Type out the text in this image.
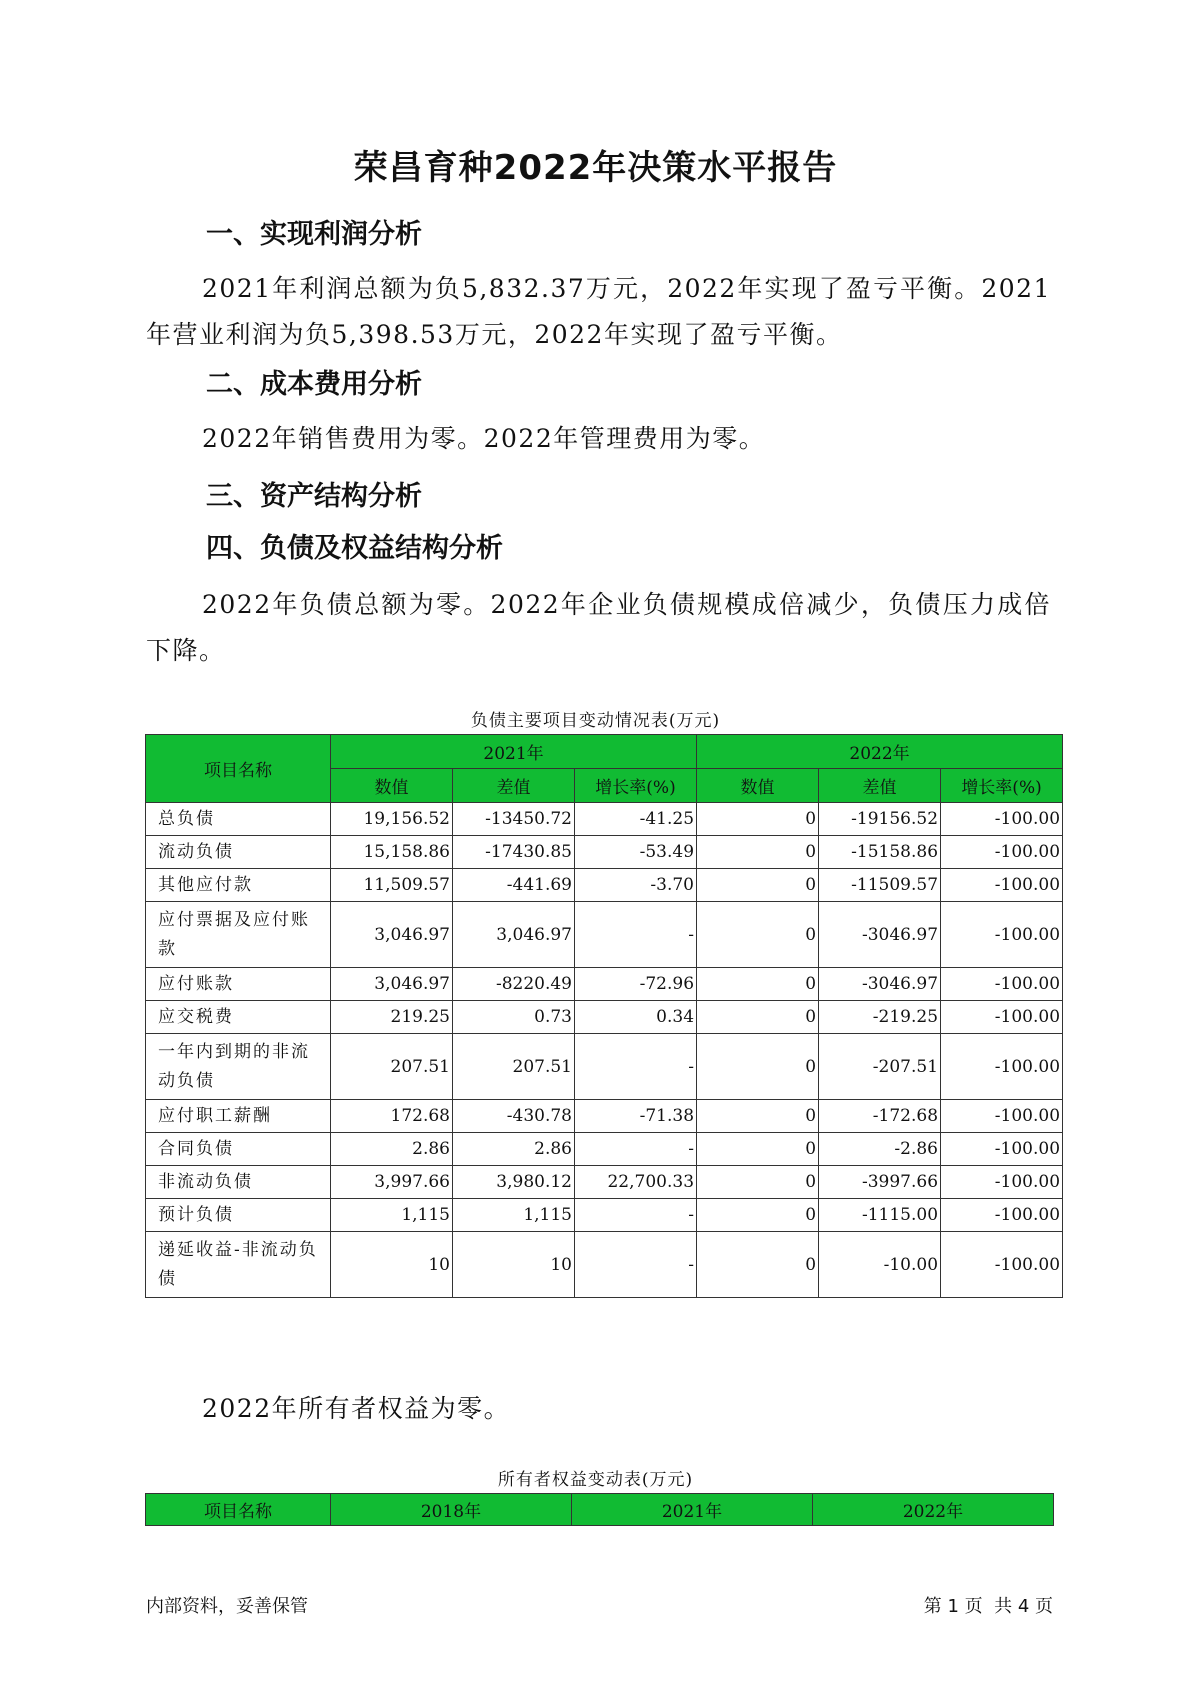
荣昌育种2022年决策水平报告
一、实现利润分析
2021年利润总额为负5,832.37万元，2022年实现了盈亏平衡。2021年营业利润为负5,398.53万元，2022年实现了盈亏平衡。
二、成本费用分析
2022年销售费用为零。2022年管理费用为零。
三、资产结构分析
四、负债及权益结构分析
2022年负债总额为零。2022年企业负债规模成倍减少，负债压力成倍下降。
负债主要项目变动情况表(万元)
项目名称	2021年			2022年		
	数值	差值	增长率(%)	数值	差值	增长率(%)
总负债	19,156.52	-13450.72	-41.25	0	-19156.52	-100.00
流动负债	15,158.86	-17430.85	-53.49	0	-15158.86	-100.00
其他应付款	11,509.57	-441.69	-3.70	0	-11509.57	-100.00
应付票据及应付账款	3,046.97	3,046.97	-	0	-3046.97	-100.00
应付账款	3,046.97	-8220.49	-72.96	0	-3046.97	-100.00
应交税费	219.25	0.73	0.34	0	-219.25	-100.00
一年内到期的非流动负债	207.51	207.51	-	0	-207.51	-100.00
应付职工薪酬	172.68	-430.78	-71.38	0	-172.68	-100.00
合同负债	2.86	2.86	-	0	-2.86	-100.00
非流动负债	3,997.66	3,980.12	22,700.33	0	-3997.66	-100.00
预计负债	1,115	1,115	-	0	-1115.00	-100.00
递延收益-非流动负债	10	10	-	0	-10.00	-100.00
2022年所有者权益为零。
所有者权益变动表(万元)
项目名称	2018年	2021年	2022年
内部资料，妥善保管	第 1 页  共 4 页
